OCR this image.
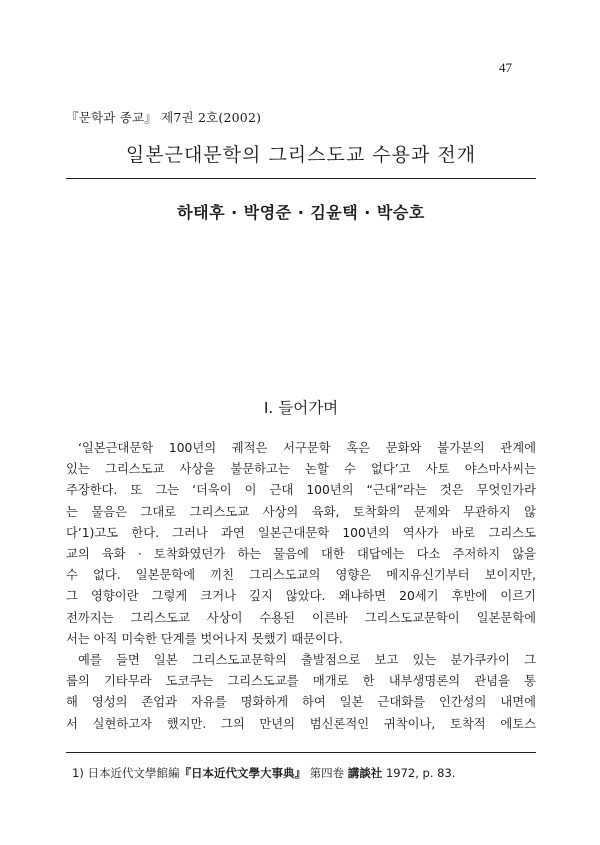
47
『문학과 종교』 제7권 2호(2002)
일본근대문학의 그리스도교 수용과 전개
하태후 · 박영준 · 김윤택 · 박승호
I. 들어가며
‘일본근대문학 100년의 궤적은 서구문학 혹은 문화와 불가분의 관계에
있는 그리스도교 사상을 불문하고는 논할 수 없다’고 사토 야스마사씨는
주장한다. 또 그는 ‘더욱이 이 근대 100년의 “근대”라는 것은 무엇인가라
는 물음은 그대로 그리스도교 사상의 육화, 토착화의 문제와 무관하지 않
다’1)고도 한다. 그러나 과연 일본근대문학 100년의 역사가 바로 그리스도
교의 육화 · 토착화였던가 하는 물음에 대한 대답에는 다소 주저하지 않을
수 없다. 일본문학에 끼친 그리스도교의 영향은 메지유신기부터 보이지만,
그 영향이란 그렇게 크거나 깊지 않았다. 왜냐하면 20세기 후반에 이르기
전까지는 그리스도교 사상이 수용된 이른바 그리스도교문학이 일본문학에
서는 아직 미숙한 단계를 벗어나지 못했기 때문이다.
예를 들면 일본 그리스도교문학의 출발점으로 보고 있는 분가쿠카이 그
룹의 기타무라 도코쿠는 그리스도교를 매개로 한 내부생명론의 관념을 통
해 영성의 존엄과 자유를 명화하게 하여 일본 근대화를 인간성의 내면에
서 실현하고자 했지만. 그의 만년의 범신론적인 귀착이나, 토착적 에토스
1) 日本近代文學館編『日本近代文學大事典』 第四卷 講談社 1972, p. 83.
